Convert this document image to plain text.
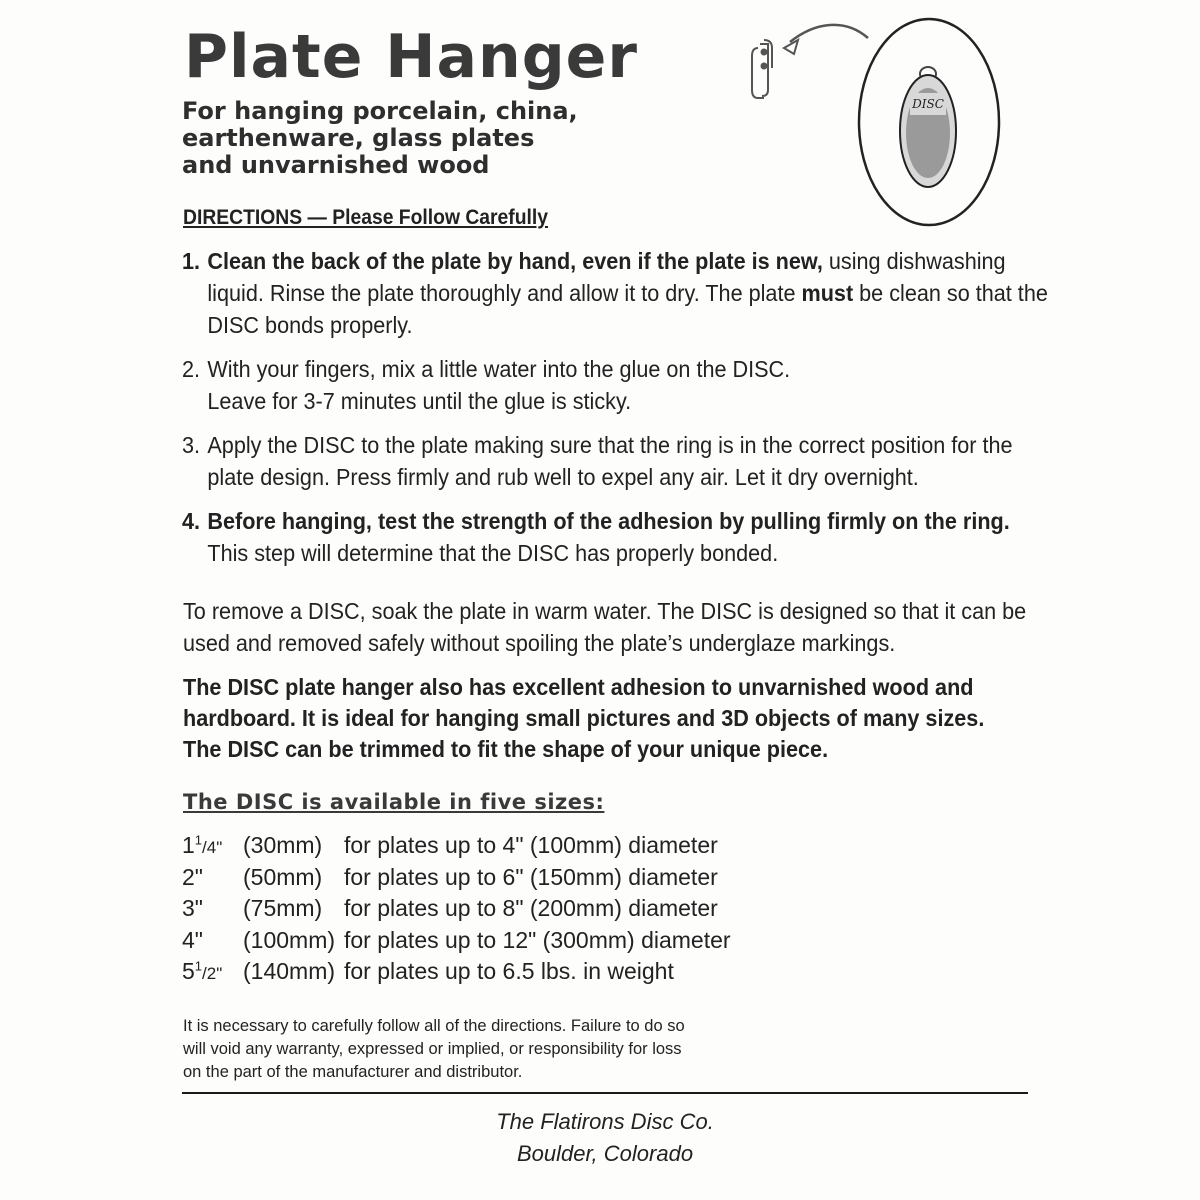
Plate Hanger
For hanging porcelain, china,
earthenware, glass plates
and unvarnished wood
DISC
DIRECTIONS — Please Follow Carefully
1. Clean the back of the plate by hand, even if the plate is new, using dishwashing liquid. Rinse the plate thoroughly and allow it to dry. The plate must be clean so that the DISC bonds properly.
2. With your fingers, mix a little water into the glue on the DISC.
Leave for 3-7 minutes until the glue is sticky.
3. Apply the DISC to the plate making sure that the ring is in the correct position for the plate design. Press firmly and rub well to expel any air. Let it dry overnight.
4. Before hanging, test the strength of the adhesion by pulling firmly on the ring.
This step will determine that the DISC has properly bonded.
To remove a DISC, soak the plate in warm water. The DISC is designed so that it can be used and removed safely without spoiling the plate’s underglaze markings.
The DISC plate hanger also has excellent adhesion to unvarnished wood and
hardboard. It is ideal for hanging small pictures and 3D objects of many sizes.
The DISC can be trimmed to fit the shape of your unique piece.
The DISC is available in five sizes:
$1^1/4$" (30mm) for plates up to 4" (100mm) diameter
2" (50mm) for plates up to 6" (150mm) diameter
3" (75mm) for plates up to 8" (200mm) diameter
4" (100mm) for plates up to 12" (300mm) diameter
$5^1/2$" (140mm) for plates up to 6.5 lbs. in weight
It is necessary to carefully follow all of the directions. Failure to do so
will void any warranty, expressed or implied, or responsibility for loss
on the part of the manufacturer and distributor.
The Flatirons Disc Co.
Boulder, Colorado
